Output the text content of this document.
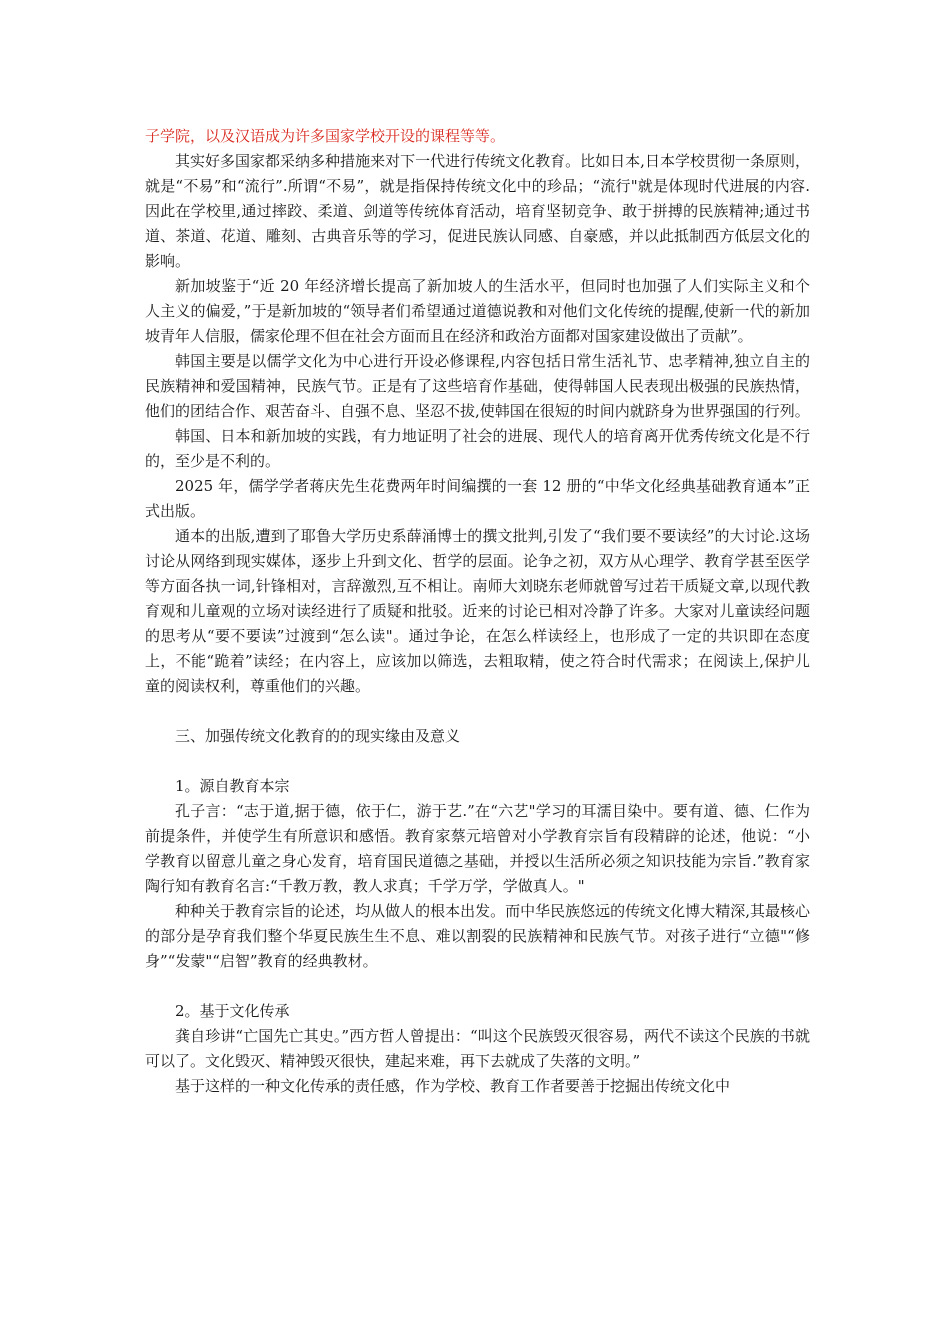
子学院，以及汉语成为许多国家学校开设的课程等等。

其实好多国家都采纳多种措施来对下一代进行传统文化教育。比如日本,日本学校贯彻一条原则，就是“不易”和“流行”.所谓“不易”，就是指保持传统文化中的珍品；“流行"就是体现时代进展的内容.因此在学校里,通过摔跤、柔道、剑道等传统体育活动，培育坚韧竞争、敢于拼搏的民族精神;通过书道、茶道、花道、雕刻、古典音乐等的学习，促进民族认同感、自豪感，并以此抵制西方低层文化的影响。

新加坡鉴于“近 20 年经济增长提高了新加坡人的生活水平，但同时也加强了人们实际主义和个人主义的偏爱，”于是新加坡的“领导者们希望通过道德说教和对他们文化传统的提醒,使新一代的新加坡青年人信服，儒家伦理不但在社会方面而且在经济和政治方面都对国家建设做出了贡献”。

韩国主要是以儒学文化为中心进行开设必修课程,内容包括日常生活礼节、忠孝精神,独立自主的民族精神和爱国精神，民族气节。正是有了这些培育作基础，使得韩国人民表现出极强的民族热情，他们的团结合作、艰苦奋斗、自强不息、坚忍不拔,使韩国在很短的时间内就跻身为世界强国的行列。

韩国、日本和新加坡的实践，有力地证明了社会的进展、现代人的培育离开优秀传统文化是不行的，至少是不利的。

2025 年，儒学学者蒋庆先生花费两年时间编撰的一套 12 册的“中华文化经典基础教育通本”正式出版。

通本的出版,遭到了耶鲁大学历史系薛涌博士的撰文批判,引发了“我们要不要读经”的大讨论.这场讨论从网络到现实媒体，逐步上升到文化、哲学的层面。论争之初，双方从心理学、教育学甚至医学等方面各执一词,针锋相对，言辞激烈,互不相让。南师大刘晓东老师就曾写过若干质疑文章,以现代教育观和儿童观的立场对读经进行了质疑和批驳。近来的讨论已相对冷静了许多。大家对儿童读经问题的思考从“要不要读”过渡到“怎么读"。通过争论，在怎么样读经上，也形成了一定的共识即在态度上，不能“跪着”读经；在内容上，应该加以筛选，去粗取精，使之符合时代需求；在阅读上,保护儿童的阅读权利，尊重他们的兴趣。

三、加强传统文化教育的的现实缘由及意义

1。源自教育本宗

孔子言：“志于道,据于德，依于仁，游于艺.”在“六艺"学习的耳濡目染中。要有道、德、仁作为前提条件，并使学生有所意识和感悟。教育家蔡元培曾对小学教育宗旨有段精辟的论述，他说：“小学教育以留意儿童之身心发育，培育国民道德之基础，并授以生活所必须之知识技能为宗旨.”教育家陶行知有教育名言:“千教万教，教人求真；千学万学，学做真人。"

种种关于教育宗旨的论述，均从做人的根本出发。而中华民族悠远的传统文化博大精深,其最核心的部分是孕育我们整个华夏民族生生不息、难以割裂的民族精神和民族气节。对孩子进行“立德"“修身”“发蒙"“启智”教育的经典教材。

2。基于文化传承

龚自珍讲“亡国先亡其史。”西方哲人曾提出：“叫这个民族毁灭很容易，两代不读这个民族的书就可以了。文化毁灭、精神毁灭很快，建起来难，再下去就成了失落的文明。”

基于这样的一种文化传承的责任感，作为学校、教育工作者要善于挖掘出传统文化中
